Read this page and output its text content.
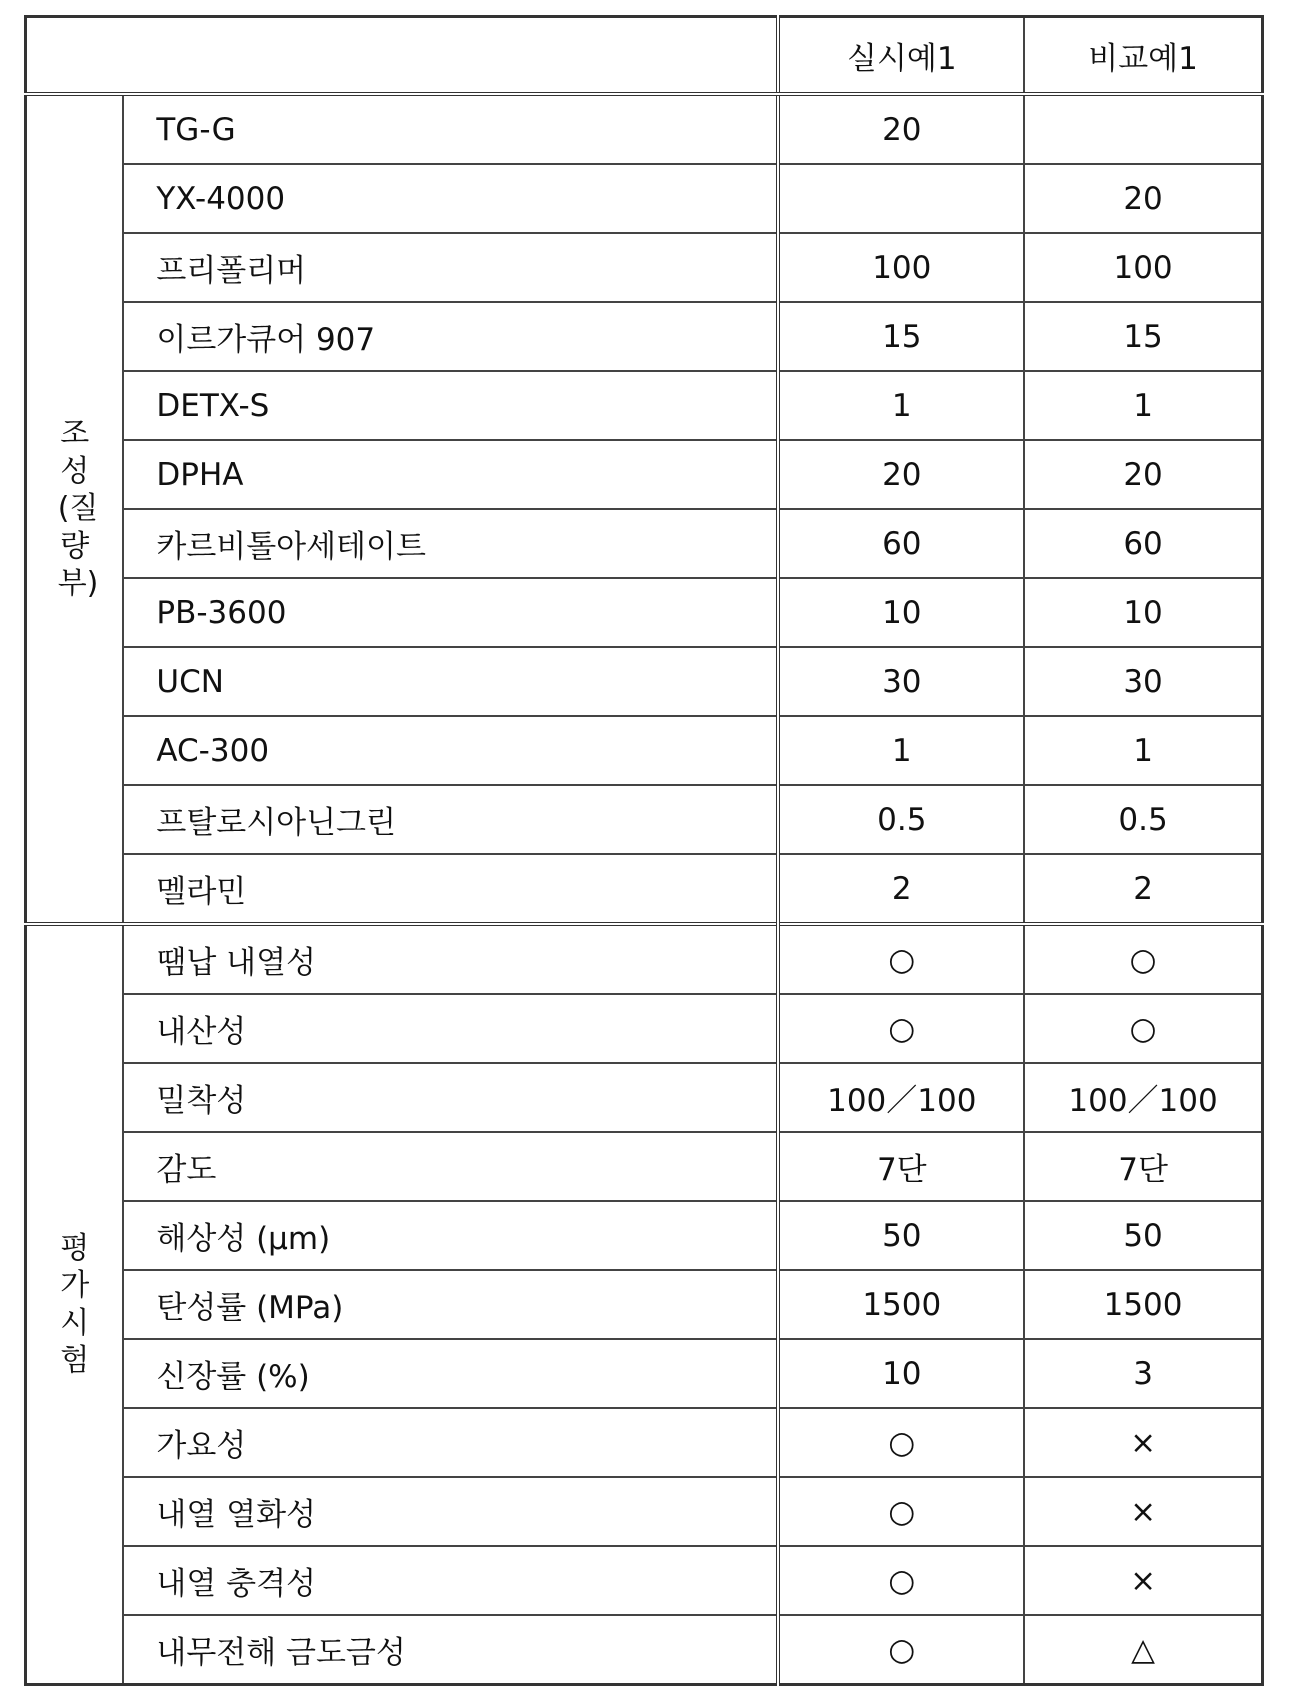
	실시예1	비교예1
조성(질량부)	TG-G	20	
YX-4000		20
프리폴리머	100	100
이르가큐어 907	15	15
DETX-S	1	1
DPHA	20	20
카르비톨아세테이트	60	60
PB-3600	10	10
UCN	30	30
AC-300	1	1
프탈로시아닌그린	0.5	0.5
멜라민	2	2
평가 시험	땜납 내열성	○	○
내산성	○	○
밀착성	100／100	100／100
감도	7단	7단
해상성 (μm)	50	50
탄성률 (MPa)	1500	1500
신장률 (%)	10	3
가요성	○	×
내열 열화성	○	×
내열 충격성	○	×
내무전해 금도금성	○	△
